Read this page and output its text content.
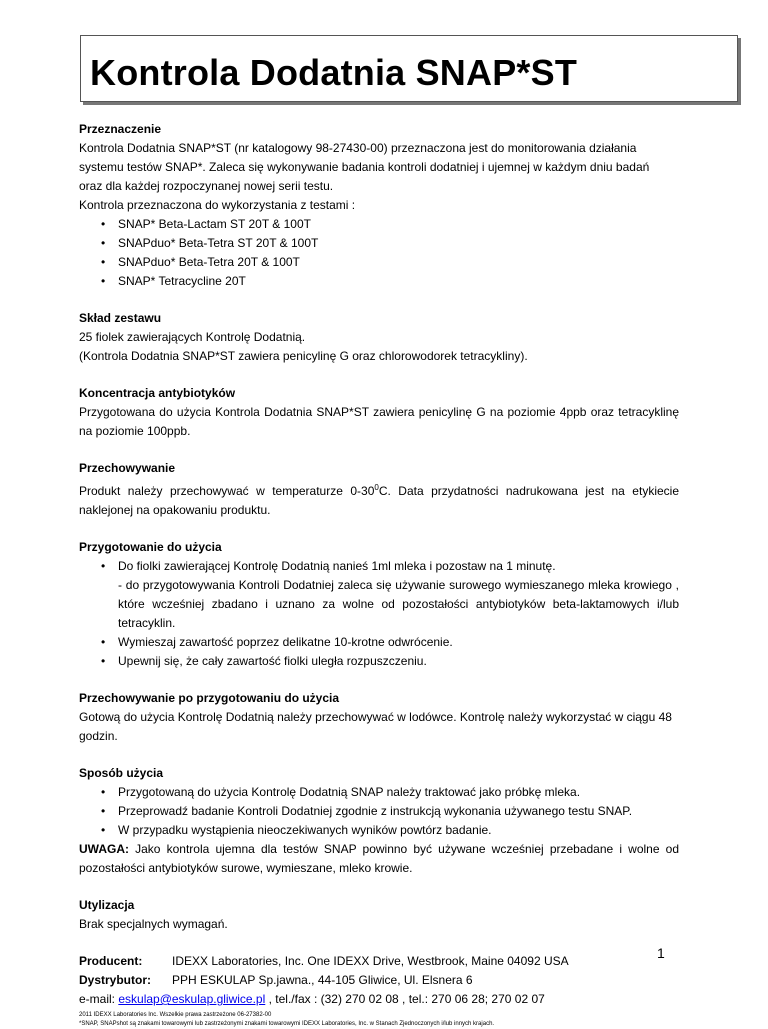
Kontrola Dodatnia SNAP*ST
Przeznaczenie
Kontrola Dodatnia SNAP*ST (nr katalogowy 98-27430-00) przeznaczona jest do monitorowania działania
systemu testów SNAP*. Zaleca się wykonywanie badania kontroli dodatniej i ujemnej w każdym dniu badań
oraz dla każdej rozpoczynanej nowej serii testu.
Kontrola przeznaczona do wykorzystania z testami :
• SNAP* Beta-Lactam ST 20T & 100T
• SNAPduo* Beta-Tetra ST 20T & 100T
• SNAPduo* Beta-Tetra 20T & 100T
• SNAP* Tetracycline 20T
Skład zestawu
25 fiolek zawierających Kontrolę Dodatnią.
(Kontrola Dodatnia SNAP*ST zawiera penicylinę G oraz chlorowodorek tetracykliny).
Koncentracja antybiotyków
Przygotowana do użycia Kontrola Dodatnia SNAP*ST zawiera penicylinę G na poziomie 4ppb oraz tetracyklinę na poziomie 100ppb.
Przechowywanie
Produkt należy przechowywać w temperaturze $0-30^0C$. Data przydatności nadrukowana jest na etykiecie naklejonej na opakowaniu produktu.
Przygotowanie do użycia
• Do fiolki zawierającej Kontrolę Dodatnią nanieś 1ml mleka i pozostaw na 1 minutę.
- do przygotowywania Kontroli Dodatniej zaleca się używanie surowego wymieszanego mleka krowiego , które wcześniej zbadano i uznano za wolne od pozostałości antybiotyków beta-laktamowych i/lub tetracyklin.
• Wymieszaj zawartość poprzez delikatne 10-krotne odwrócenie.
• Upewnij się, że cały zawartość fiolki uległa rozpuszczeniu.
Przechowywanie po przygotowaniu do użycia
Gotową do użycia Kontrolę Dodatnią należy przechowywać w lodówce. Kontrolę należy wykorzystać w ciągu 48 godzin.
Sposób użycia
• Przygotowaną do użycia Kontrolę Dodatnią SNAP należy traktować jako próbkę mleka.
• Przeprowadź badanie Kontroli Dodatniej zgodnie z instrukcją wykonania używanego testu SNAP.
• W przypadku wystąpienia nieoczekiwanych wyników powtórz badanie.
UWAGA: Jako kontrola ujemna dla testów SNAP powinno być używane wcześniej przebadane i wolne od pozostałości antybiotyków surowe, wymieszane, mleko krowie.
Utylizacja
Brak specjalnych wymagań.
Producent: IDEXX Laboratories, Inc. One IDEXX Drive, Westbrook, Maine 04092 USA
Dystrybutor: PPH ESKULAP Sp.jawna., 44-105 Gliwice, Ul. Elsnera 6
e-mail: eskulap@eskulap.gliwice.pl , tel./fax : (32) 270 02 08 , tel.: 270 06 28; 270 02 07
2011 IDEXX Laboratories Inc. Wszelkie prawa zastrzeżone 06-27382-00
*SNAP, SNAPshot są znakami towarowymi lub zastrzeżonymi znakami towarowymi IDEXX Laboratories, Inc. w Stanach Zjednoczonych i/lub innych krajach.
1
